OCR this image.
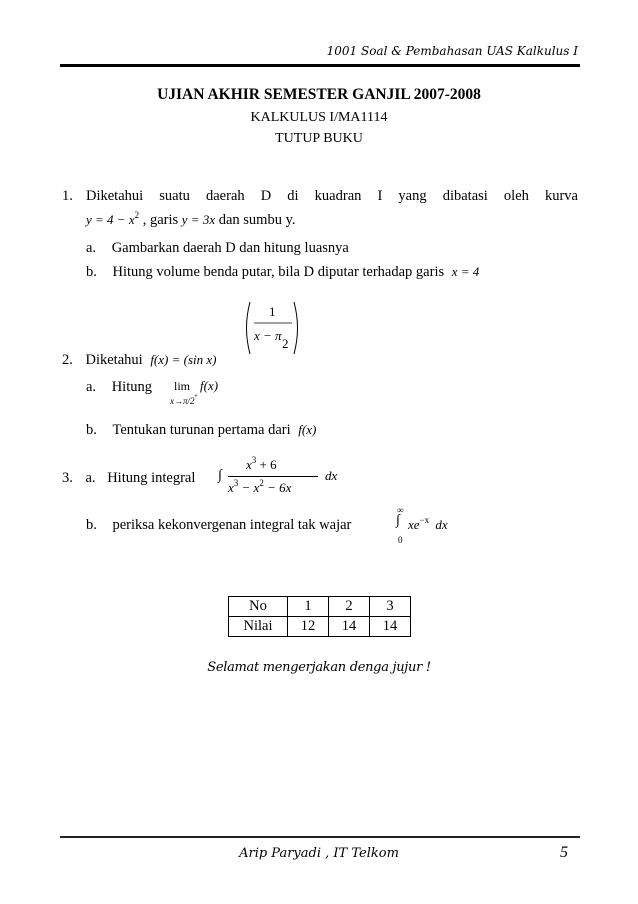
1001 Soal & Pembahasan UAS Kalkulus I
UJIAN AKHIR SEMESTER GANJIL 2007-2008
KALKULUS I/MA1114
TUTUP BUKU
1. Diketahui suatu daerah D di kuadran I yang dibatasi oleh kurva
$y = 4 - x^2$ , garis y = 3x dan sumbu y.
a. Gambarkan daerah D dan hitung luasnya
b. Hitung volume benda putar, bila D diputar terhadap garis x = 4
1
x − π
2
2. Diketahui f(x) = (sin x)
a. Hitung lim
x→π/2 +
f(x)
b. Tentukan turunan pertama dari f(x)
3. a. Hitung integral ∫
$x^3 + 6$
$x^3 - x^2 - 6x$
dx
b. periksa kekonvergenan integral tak wajar
∞
∫
0
$xe^{-x}$ dx
No	1	2	3
Nilai	12	14	14
Selamat mengerjakan denga jujur !
Arip Paryadi , IT Telkom	5
